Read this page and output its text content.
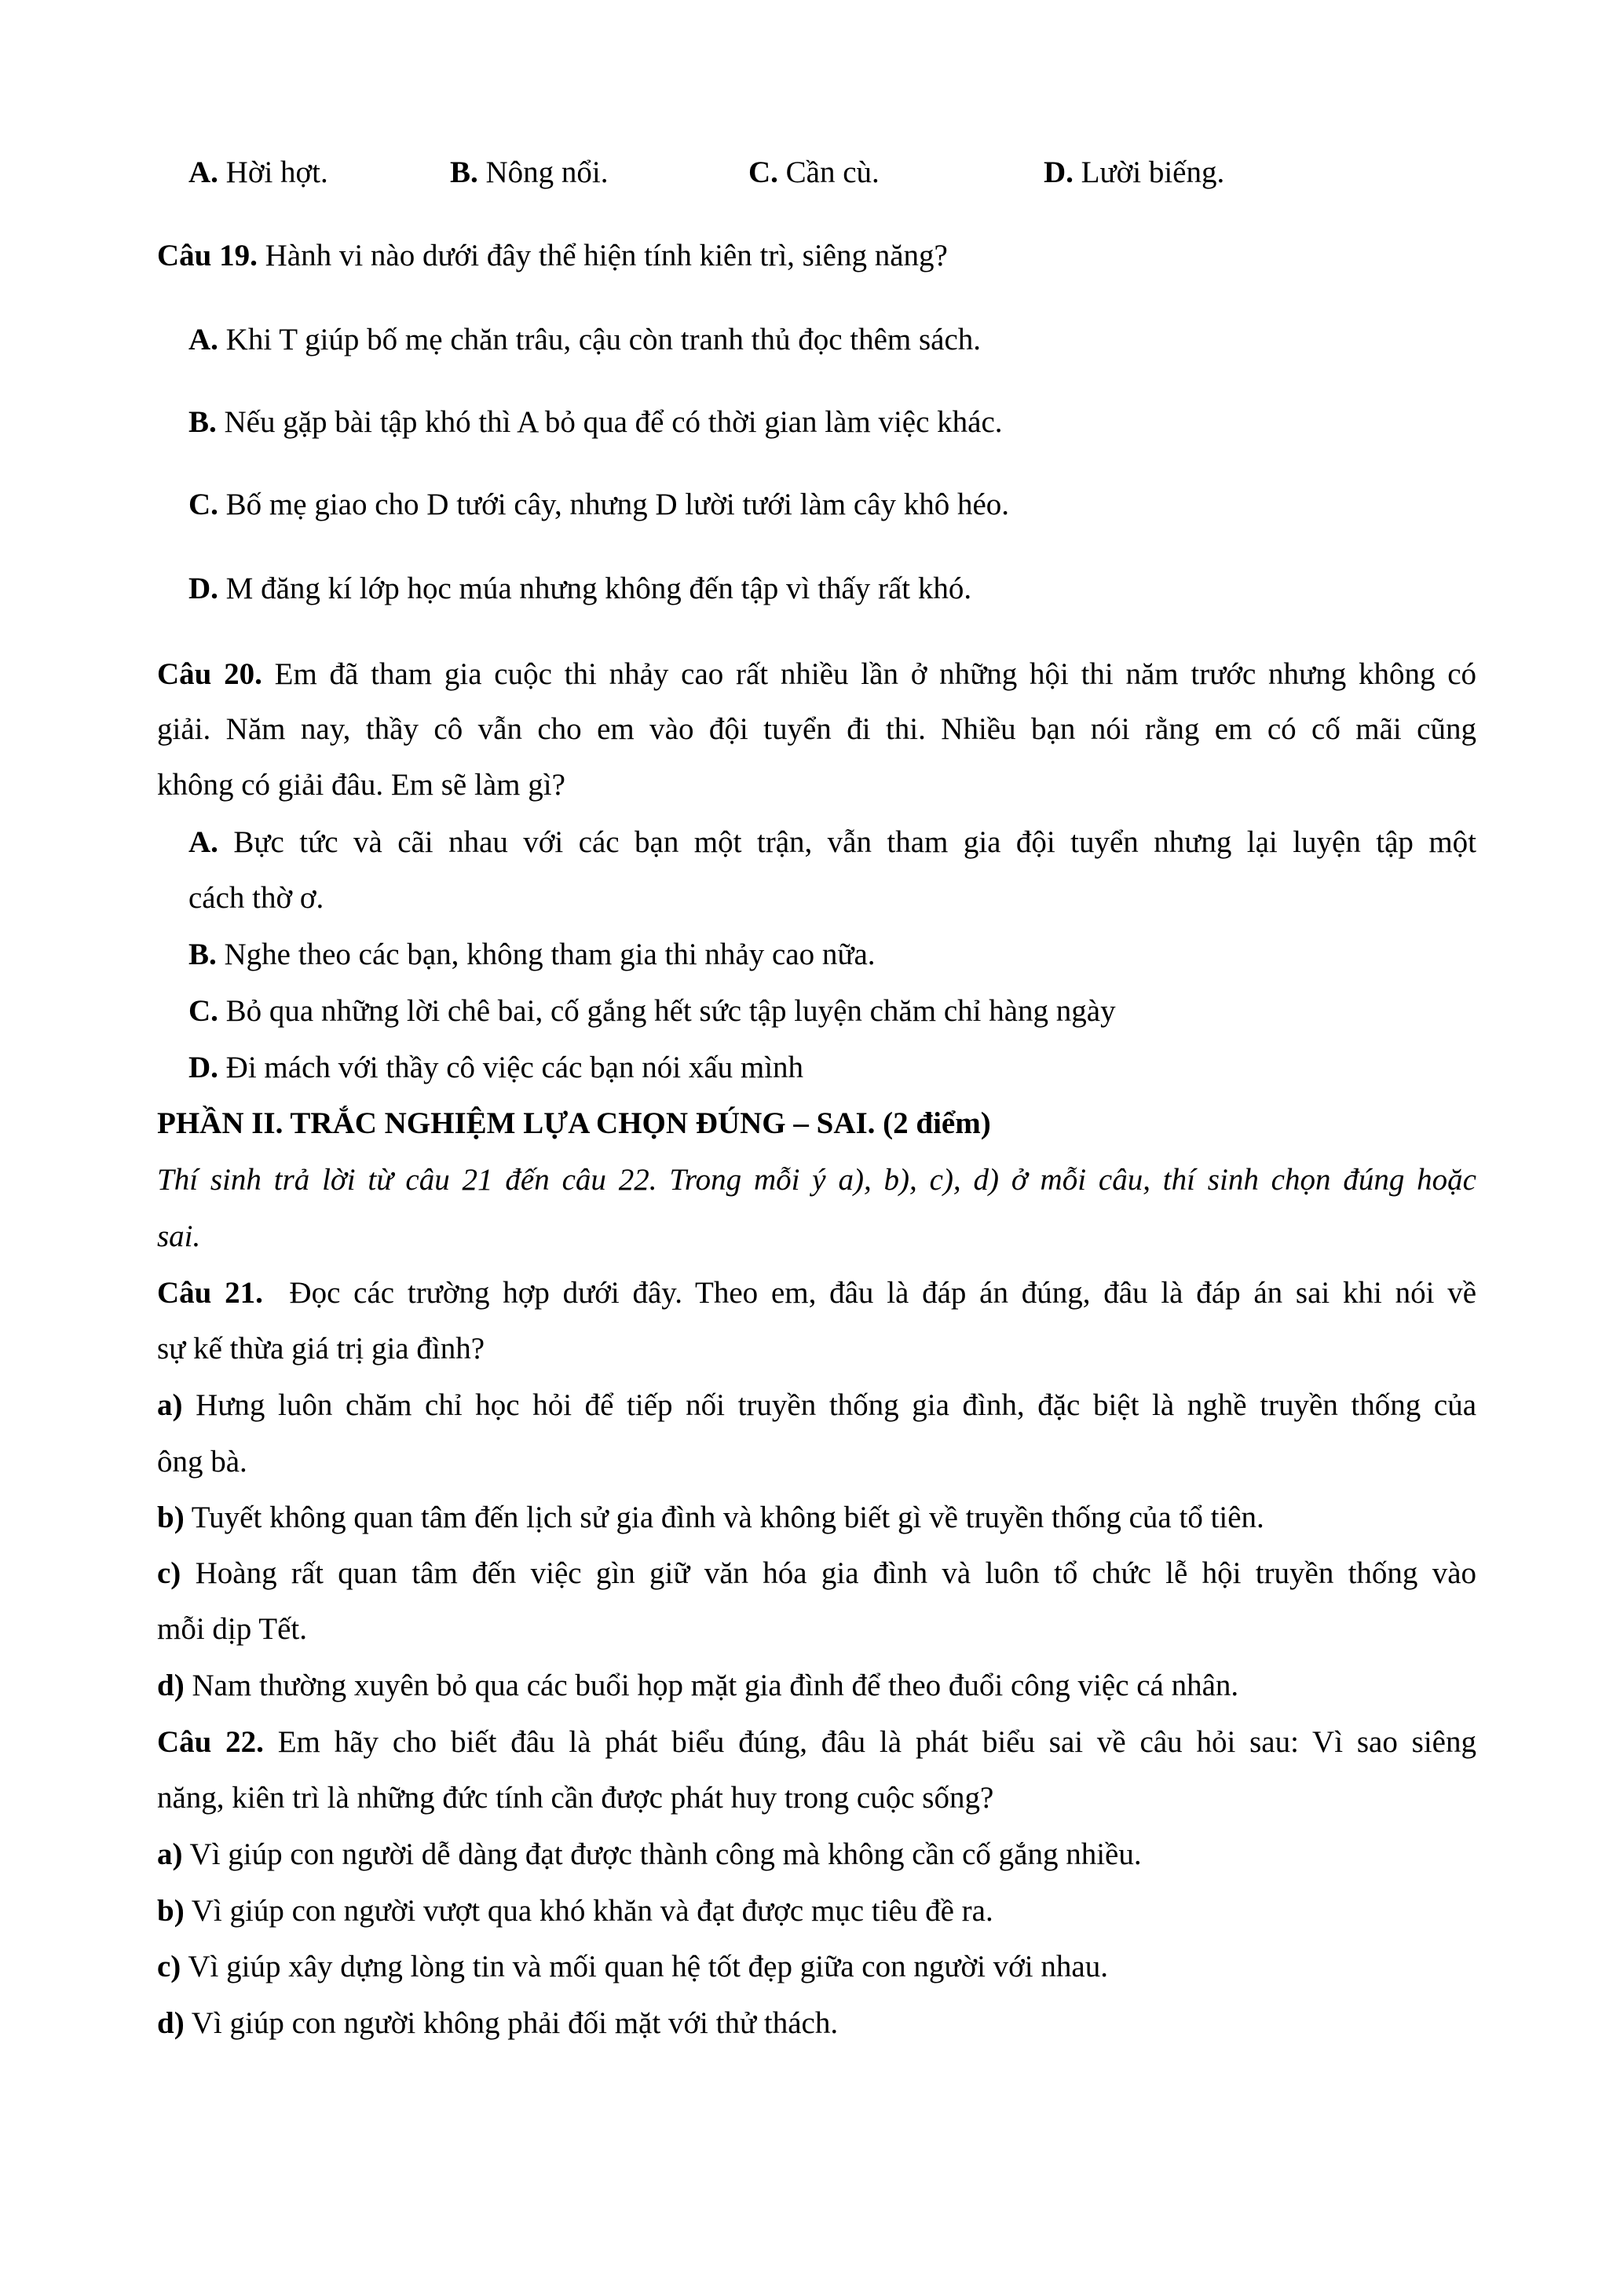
A. Hời hợt.	B. Nông nổi.	C. Cần cù.	D. Lười biếng.
Câu 19. Hành vi nào dưới đây thể hiện tính kiên trì, siêng năng?
A. Khi T giúp bố mẹ chăn trâu, cậu còn tranh thủ đọc thêm sách.
B. Nếu gặp bài tập khó thì A bỏ qua để có thời gian làm việc khác.
C. Bố mẹ giao cho D tưới cây, nhưng D lười tưới làm cây khô héo.
D. M đăng kí lớp học múa nhưng không đến tập vì thấy rất khó.
Câu 20. Em đã tham gia cuộc thi nhảy cao rất nhiều lần ở những hội thi năm trước nhưng không có
giải. Năm nay, thầy cô vẫn cho em vào đội tuyển đi thi. Nhiều bạn nói rằng em có cố mãi cũng
không có giải đâu. Em sẽ làm gì?
A. Bực tức và cãi nhau với các bạn một trận, vẫn tham gia đội tuyển nhưng lại luyện tập một
cách thờ ơ.
B. Nghe theo các bạn, không tham gia thi nhảy cao nữa.
C. Bỏ qua những lời chê bai, cố gắng hết sức tập luyện chăm chỉ hàng ngày
D. Đi mách với thầy cô việc các bạn nói xấu mình
PHẦN II. TRẮC NGHIỆM LỰA CHỌN ĐÚNG – SAI. (2 điểm)
Thí sinh trả lời từ câu 21 đến câu 22. Trong mỗi ý a), b), c), d) ở mỗi câu, thí sinh chọn đúng hoặc
sai.
Câu 21. Đọc các trường hợp dưới đây. Theo em, đâu là đáp án đúng, đâu là đáp án sai khi nói về
sự kế thừa giá trị gia đình?
a) Hưng luôn chăm chỉ học hỏi để tiếp nối truyền thống gia đình, đặc biệt là nghề truyền thống của
ông bà.
b) Tuyết không quan tâm đến lịch sử gia đình và không biết gì về truyền thống của tổ tiên.
c) Hoàng rất quan tâm đến việc gìn giữ văn hóa gia đình và luôn tổ chức lễ hội truyền thống vào
mỗi dịp Tết.
d) Nam thường xuyên bỏ qua các buổi họp mặt gia đình để theo đuổi công việc cá nhân.
Câu 22. Em hãy cho biết đâu là phát biểu đúng, đâu là phát biểu sai về câu hỏi sau: Vì sao siêng
năng, kiên trì là những đức tính cần được phát huy trong cuộc sống?
a) Vì giúp con người dễ dàng đạt được thành công mà không cần cố gắng nhiều.
b) Vì giúp con người vượt qua khó khăn và đạt được mục tiêu đề ra.
c) Vì giúp xây dựng lòng tin và mối quan hệ tốt đẹp giữa con người với nhau.
d) Vì giúp con người không phải đối mặt với thử thách.
